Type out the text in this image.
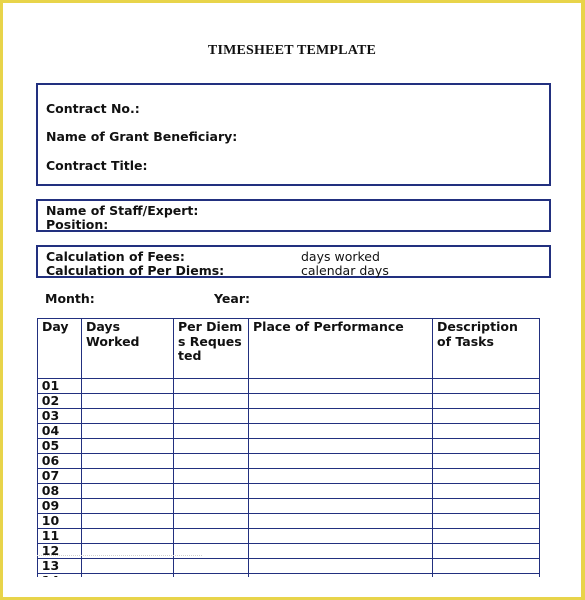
TIMESHEET TEMPLATE
Contract No.:
Name of Grant Beneficiary:
Contract Title:
Name of Staff/Expert:
Position:
Calculation of Fees:	days worked
Calculation of Per Diems:	calendar days
Month:	Year:
Day	Days Worked	Per Diems Requested	Place of Performance	Description of Tasks
01				
02				
03				
04				
05				
06				
07				
08				
09				
10				
11				
12				
13				
